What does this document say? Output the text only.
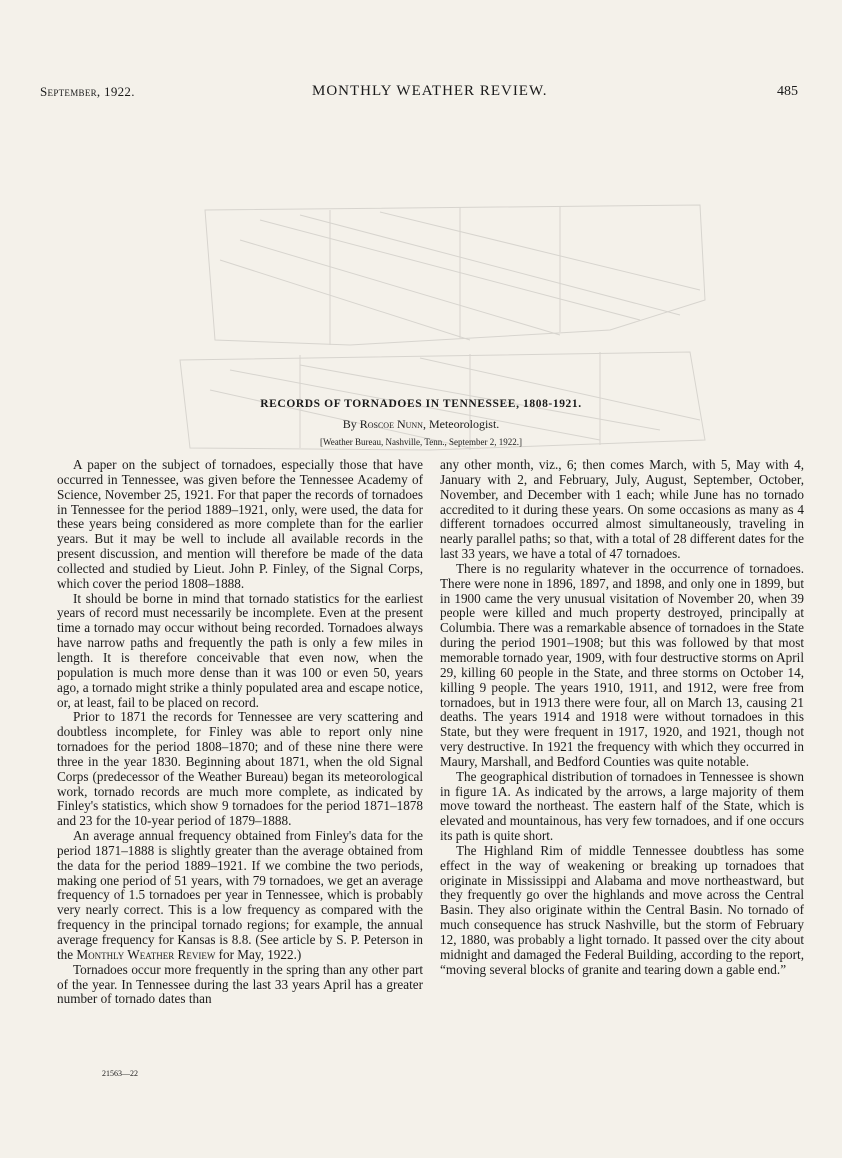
September, 1922.	MONTHLY WEATHER REVIEW.	485
RECORDS OF TORNADOES IN TENNESSEE, 1808-1921.
By Roscoe Nunn, Meteorologist.
[Weather Bureau, Nashville, Tenn., September 2, 1922.]

A paper on the subject of tornadoes, especially those that have occurred in Tennessee, was given before the Tennessee Academy of Science, November 25, 1921. For that paper the records of tornadoes in Tennessee for the period 1889–1921, only, were used, the data for these years being considered as more complete than for the earlier years. But it may be well to include all available records in the present discussion, and mention will therefore be made of the data collected and studied by Lieut. John P. Finley, of the Signal Corps, which cover the period 1808–1888.

It should be borne in mind that tornado statistics for the earliest years of record must necessarily be incomplete. Even at the present time a tornado may occur without being recorded. Tornadoes always have narrow paths and frequently the path is only a few miles in length. It is therefore conceivable that even now, when the population is much more dense than it was 100 or even 50, years ago, a tornado might strike a thinly populated area and escape notice, or, at least, fail to be placed on record.

Prior to 1871 the records for Tennessee are very scattering and doubtless incomplete, for Finley was able to report only nine tornadoes for the period 1808–1870; and of these nine there were three in the year 1830. Beginning about 1871, when the old Signal Corps (predecessor of the Weather Bureau) began its meteorological work, tornado records are much more complete, as indicated by Finley's statistics, which show 9 tornadoes for the period 1871–1878 and 23 for the 10-year period of 1879–1888.

An average annual frequency obtained from Finley's data for the period 1871–1888 is slightly greater than the average obtained from the data for the period 1889–1921. If we combine the two periods, making one period of 51 years, with 79 tornadoes, we get an average frequency of 1.5 tornadoes per year in Tennessee, which is probably very nearly correct. This is a low frequency as compared with the frequency in the principal tornado regions; for example, the annual average frequency for Kansas is 8.8. (See article by S. P. Peterson in the Monthly Weather Review for May, 1922.)

Tornadoes occur more frequently in the spring than any other part of the year. In Tennessee during the last 33 years April has a greater number of tornado dates than

any other month, viz., 6; then comes March, with 5, May with 4, January with 2, and February, July, August, September, October, November, and December with 1 each; while June has no tornado accredited to it during these years. On some occasions as many as 4 different tornadoes occurred almost simultaneously, traveling in nearly parallel paths; so that, with a total of 28 different dates for the last 33 years, we have a total of 47 tornadoes.

There is no regularity whatever in the occurrence of tornadoes. There were none in 1896, 1897, and 1898, and only one in 1899, but in 1900 came the very unusual visitation of November 20, when 39 people were killed and much property destroyed, principally at Columbia. There was a remarkable absence of tornadoes in the State during the period 1901–1908; but this was followed by that most memorable tornado year, 1909, with four destructive storms on April 29, killing 60 people in the State, and three storms on October 14, killing 9 people. The years 1910, 1911, and 1912, were free from tornadoes, but in 1913 there were four, all on March 13, causing 21 deaths. The years 1914 and 1918 were without tornadoes in this State, but they were frequent in 1917, 1920, and 1921, though not very destructive. In 1921 the frequency with which they occurred in Maury, Marshall, and Bedford Counties was quite notable.

The geographical distribution of tornadoes in Tennessee is shown in figure 1A. As indicated by the arrows, a large majority of them move toward the northeast. The eastern half of the State, which is elevated and mountainous, has very few tornadoes, and if one occurs its path is quite short.

The Highland Rim of middle Tennessee doubtless has some effect in the way of weakening or breaking up tornadoes that originate in Mississippi and Alabama and move northeastward, but they frequently go over the highlands and move across the Central Basin. They also originate within the Central Basin. No tornado of much consequence has struck Nashville, but the storm of February 12, 1880, was probably a light tornado. It passed over the city about midnight and damaged the Federal Building, according to the report, “moving several blocks of granite and tearing down a gable end.”

21563—22
